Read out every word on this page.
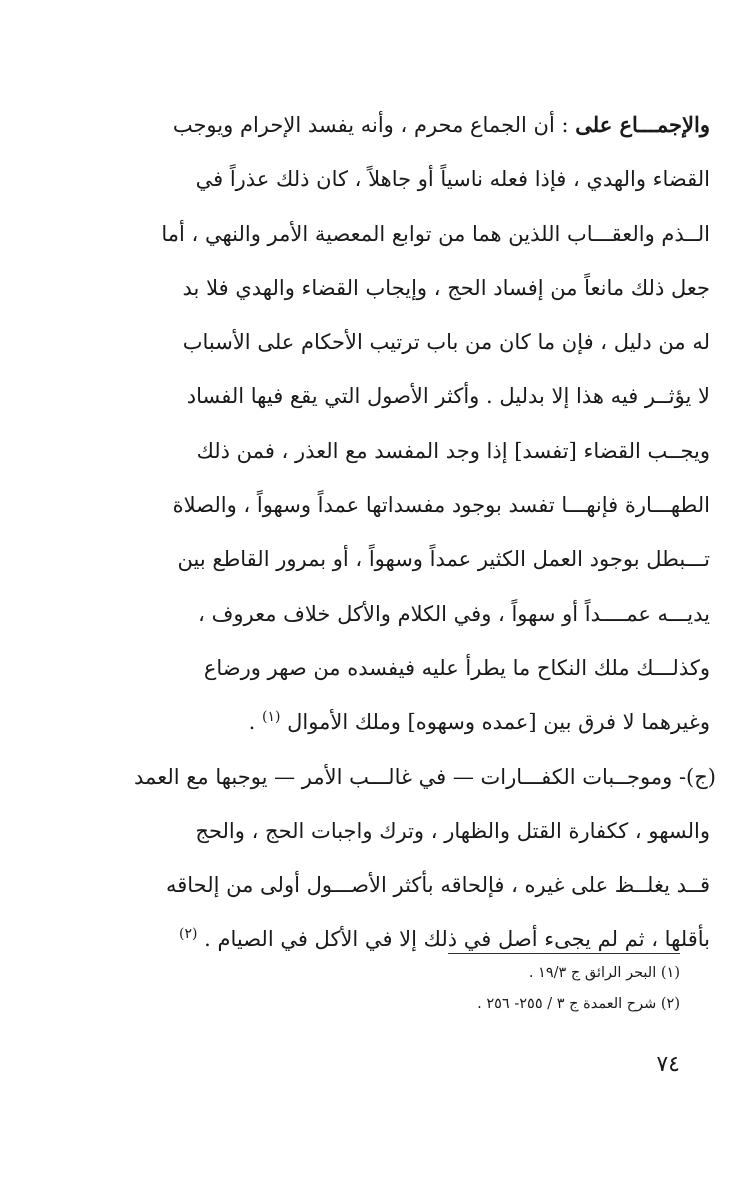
والإجمـــاع على : أن الجماع محرم ، وأنه يفسد الإحرام ويوجب
القضاء والهدي ، فإذا فعله ناسياً أو جاهلاً ، كان ذلك عذراً في
الــذم والعقـــاب اللذين هما من توابع المعصية الأمر والنهي ، أما
جعل ذلك مانعاً من إفساد الحج ، وإيجاب القضاء والهدي فلا بد
له من دليل ، فإن ما كان من باب ترتيب الأحكام على الأسباب
لا يؤثــر فيه هذا إلا بدليل . وأكثر الأصول التي يقع فيها الفساد
ويجــب القضاء [تفسد] إذا وجد المفسد مع العذر ، فمن ذلك
الطهـــارة فإنهـــا تفسد بوجود مفسداتها عمداً وسهواً ، والصلاة
تـــبطل بوجود العمل الكثير عمداً وسهواً ، أو بمرور القاطع بين
يديـــه عمــــداً أو سهواً ، وفي الكلام والأكل خلاف معروف ،
وكذلـــك ملك النكاح ما يطرأ عليه فيفسده من صهر ورضاع
وغيرهما لا فرق بين [عمده وسهوه] وملك الأموال $^{(١)}$ .
(ج)- وموجــبات الكفـــارات — في غالـــب الأمر — يوجبها مع العمد
والسهو ، ككفارة القتل والظهار ، وترك واجبات الحج ، والحج
قــد يغلــظ على غيره ، فإلحاقه بأكثر الأصـــول أولى من إلحاقه
بأقلها ، ثم لم يجىء أصل في ذلك إلا في الأكل في الصيام . $^{(٢)}$
(١) البحر الرائق ج ١٩/٣ .
(٢) شرح العمدة ج ٣ / ٢٥٥- ٢٥٦ .
٧٤
